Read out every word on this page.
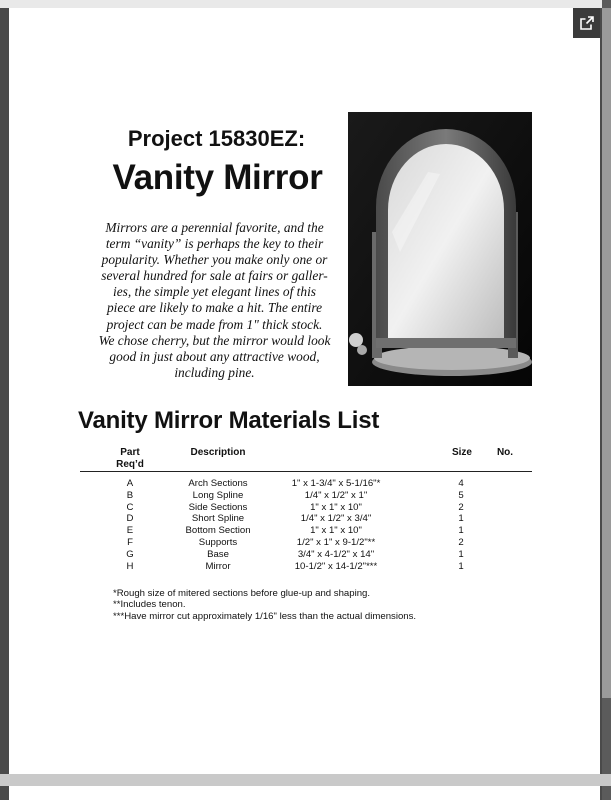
Project 15830EZ:
Vanity Mirror

Mirrors are a perennial favorite, and the
term “vanity” is perhaps the key to their
popularity. Whether you make only one or
several hundred for sale at fairs or galler-
ies, the simple yet elegant lines of this
piece are likely to make a hit. The entire
project can be made from 1" thick stock.
We chose cherry, but the mirror would look
good in just about any attractive wood,
including pine.

Vanity Mirror Materials List
Part
Req’d
Description	Size	No.
A	Arch Sections	1" x 1-3/4" x 5-1/16"*	4
B	Long Spline	1/4" x 1/2" x 1"	5
C	Side Sections	1" x 1" x 10"	2
D	Short Spline	1/4" x 1/2" x 3/4"	1
E	Bottom Section	1" x 1" x 10"	1
F	Supports	1/2" x 1" x 9-1/2"**	2
G	Base	3/4" x 4-1/2" x 14"	1
H	Mirror	10-1/2" x 14-1/2"***	1
*Rough size of mitered sections before glue-up and shaping.
**Includes tenon.
***Have mirror cut approximately 1/16" less than the actual dimensions.
